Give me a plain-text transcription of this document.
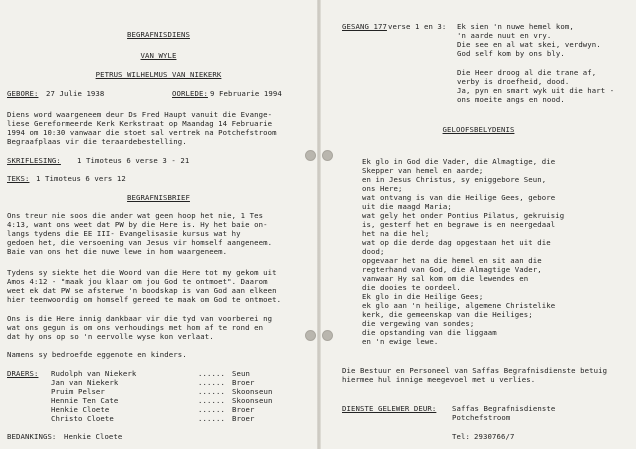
BEGRAFNISDIENS
VAN WYLE
PETRUS WILHELMUS VAN NIEKERK
GEBORE: 27 Julie 1938	OORLEDE: 9 Februarie 1994
Diens word waargeneem deur Ds Fred Haupt vanuit die Evange-
liese Gereformeerde Kerk Kerkstraat op Maandag 14 Februarie
1994 om 10:30 vanwaar die stoet sal vertrek na Potchefstroom
Begraafplaas vir die teraardebestelling.
SKRIFLESING: 1 Timoteus 6 verse 3 - 21
TEKS: 1 Timoteus 6 vers 12
BEGRAFNISBRIEF
Ons treur nie soos die ander wat geen hoop het nie, 1 Tes
4:13, want ons weet dat PW by die Here is. Hy het baie on-
langs tydens die EE III- Evangelisasie kursus wat hy
gedoen het, die versoening van Jesus vir homself aangeneem.
Baie van ons het die nuwe lewe in hom waargeneem.
Tydens sy siekte het die Woord van die Here tot my gekom uit
Amos 4:12 - "maak jou klaar om jou God te ontmoet". Daarom
weet ek dat PW se afsterwe 'n boodskap is van God aan elkeen
hier teenwoordig om homself gereed te maak om God te ontmoet.
Ons is die Here innig dankbaar vir die tyd van voorberei ng
wat ons gegun is om ons verhoudings met hom af te rond en
dat hy ons op so 'n eervolle wyse kon verlaat.
Namens sy bedroefde eggenote en kinders.
DRAERS: Rudolph van Niekerk	...... Seun
Jan van Niekerk	...... Broer
Pruim Pelser	...... Skoonseun
Hennie Ten Cate	...... Skoonseun
Henkie Cloete	...... Broer
Christo Cloete	...... Broer
BEDANKINGS: Henkie Cloete
GESANG 177 verse 1 en 3: Ek sien 'n nuwe hemel kom,
'n aarde nuut en vry.
Die see en al wat skei, verdwyn.
God self kom by ons bly.
Die Heer droog al die trane af,
verby is droefheid, dood.
Ja, pyn en smart wyk uit die hart -
ons moeite angs en nood.
GELOOFSBELYDENIS
Ek glo in God die Vader, die Almagtige, die
Skepper van hemel en aarde;
en in Jesus Christus, sy eniggebore Seun,
ons Here;
wat ontvang is van die Heilige Gees, gebore
uit die maagd Maria;
wat gely het onder Pontius Pilatus, gekruisig
is, gesterf het en begrawe is en neergedaal
het na die hel;
wat op die derde dag opgestaan het uit die
dood;
opgevaar het na die hemel en sit aan die
regterhand van God, die Almagtige Vader,
vanwaar Hy sal kom om die lewendes en
die dooies te oordeel.
Ek glo in die Heilige Gees;
ek glo aan 'n heilige, algemene Christelike
kerk, die gemeenskap van die Heiliges;
die vergewing van sondes;
die opstanding van die liggaam
en 'n ewige lewe.
Die Bestuur en Personeel van Saffas Begrafnisdienste betuig
hiermee hul innige meegevoel met u verlies.
DIENSTE GELEWER DEUR: Saffas Begrafnisdienste
Potchefstroom
Tel: 2930766/7
